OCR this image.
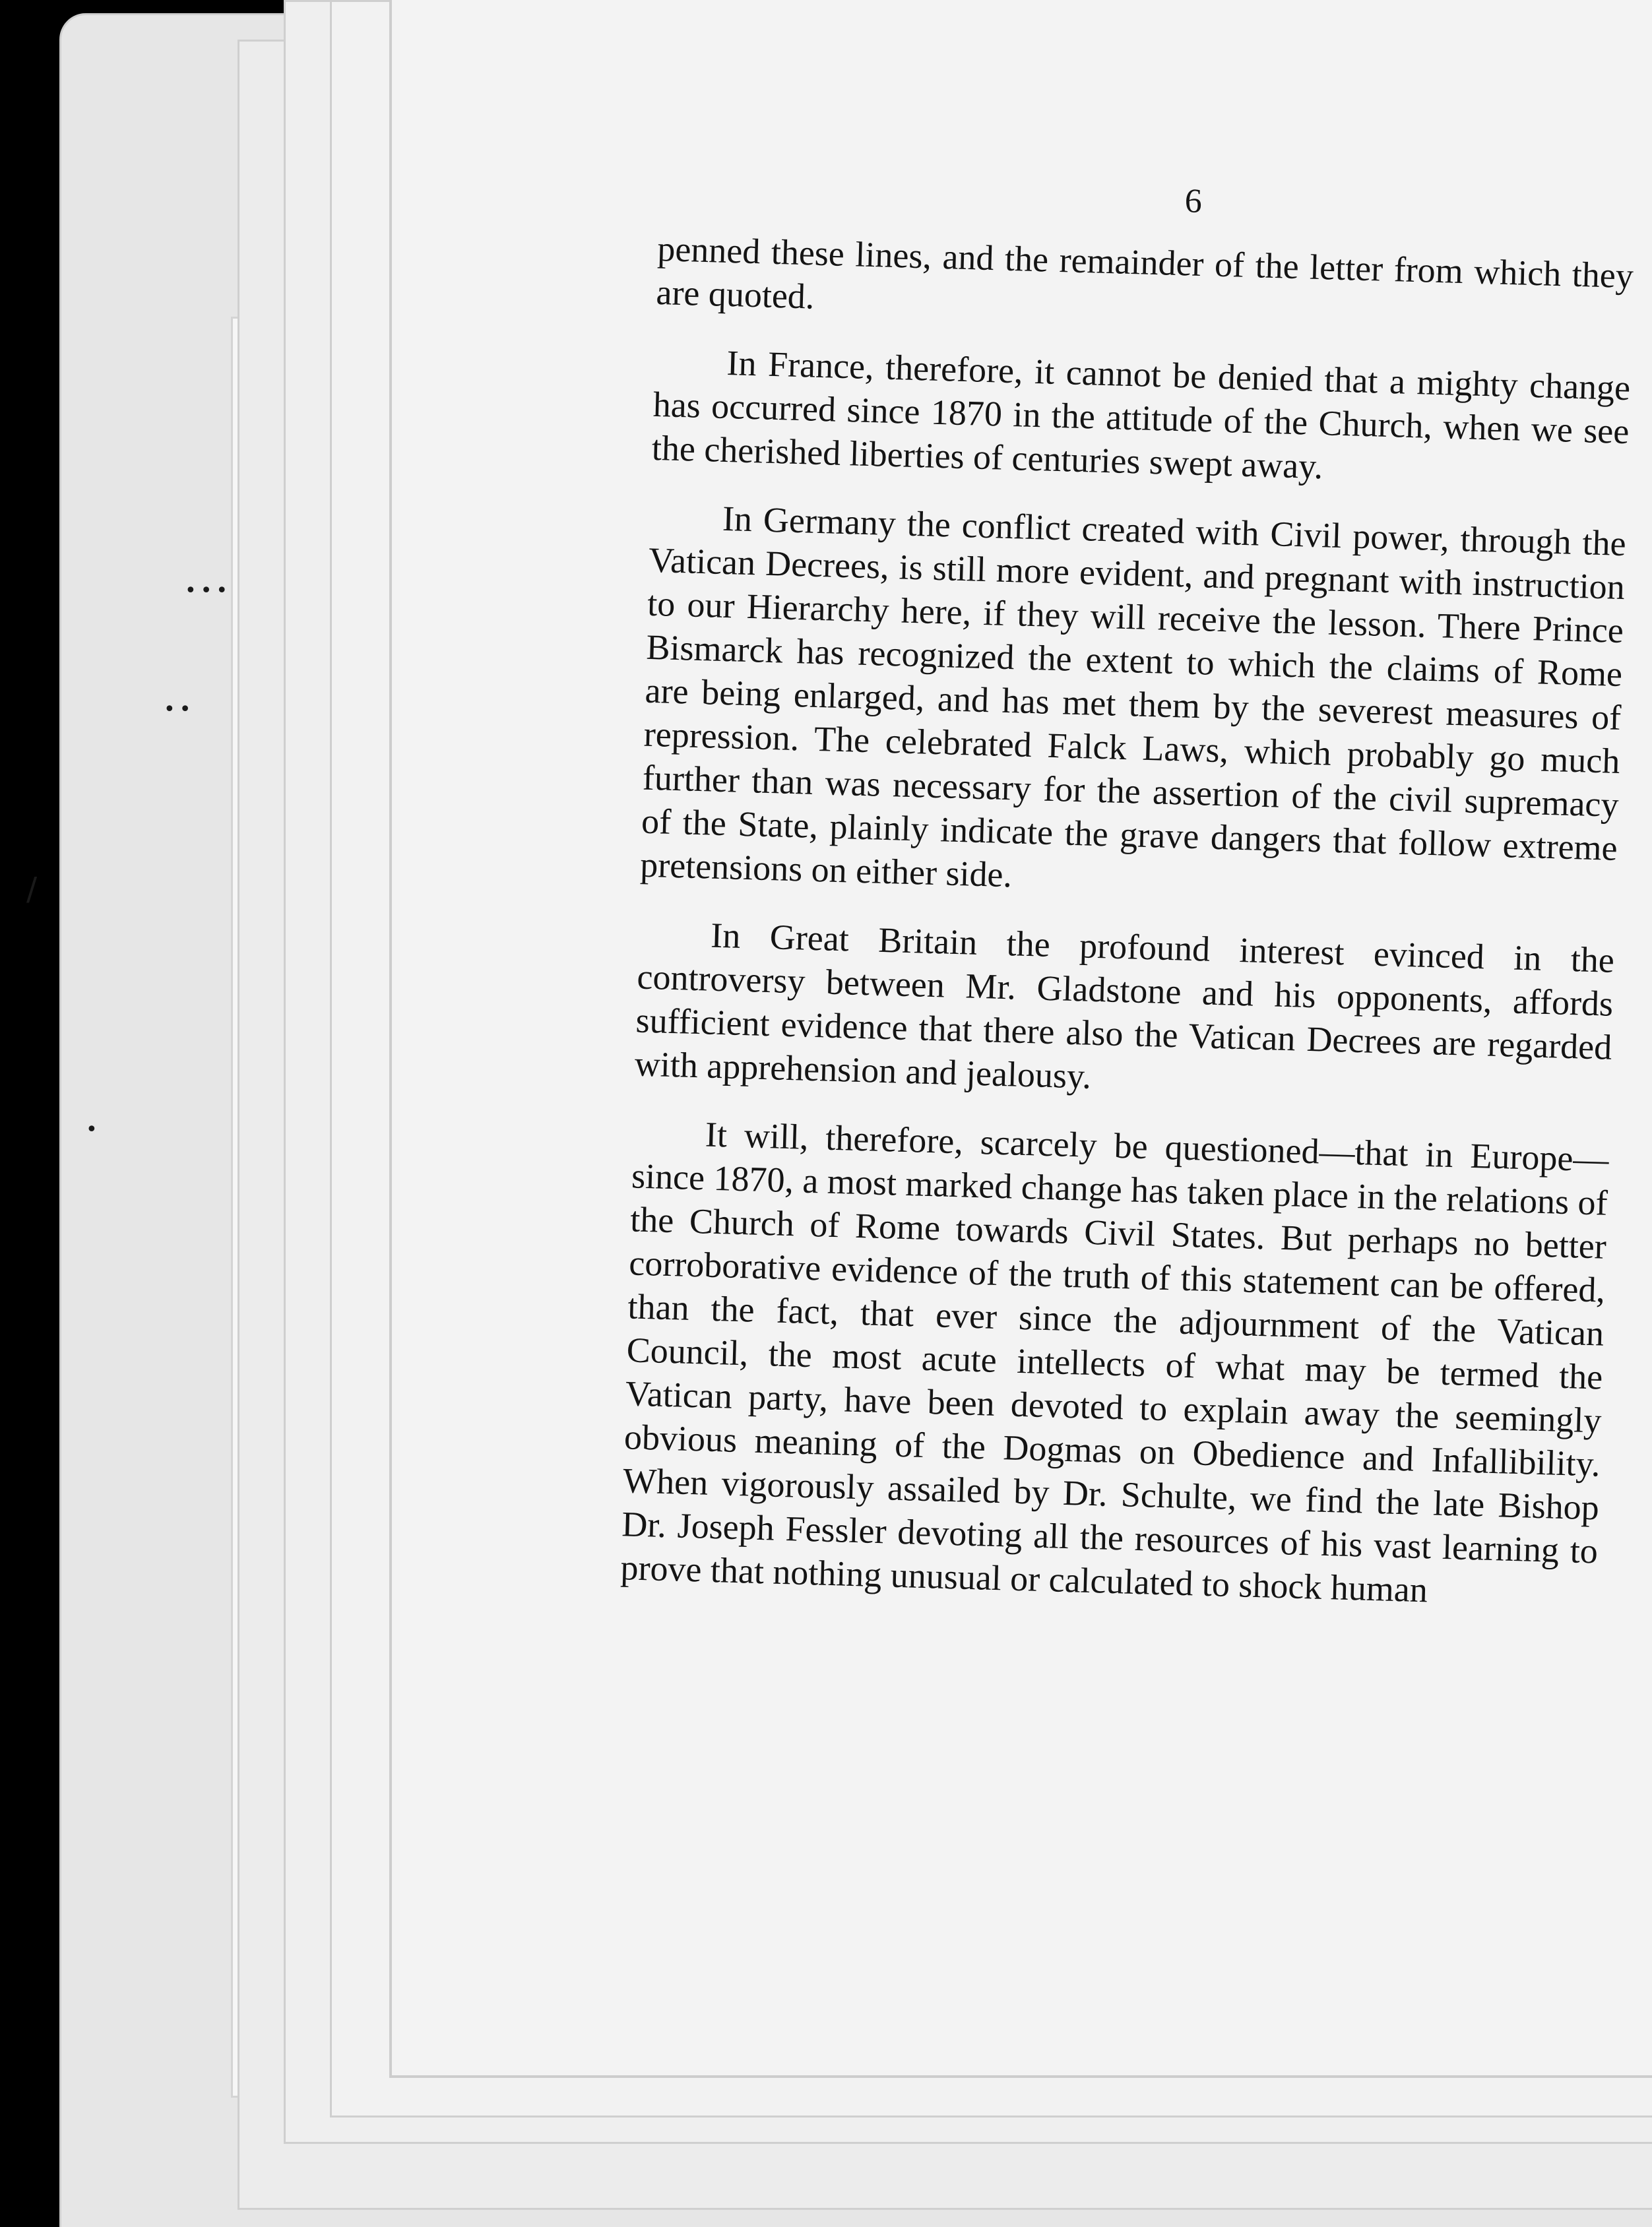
•••
••
/
•
6

penned these lines, and the remainder of the letter from which they are quoted.

In France, therefore, it cannot be denied that a mighty change has occurred since 1870 in the attitude of the Church, when we see the cherished liberties of centuries swept away.

In Germany the conflict created with Civil power, through the Vatican Decrees, is still more evident, and pregnant with instruction to our Hierarchy here, if they will receive the lesson. There Prince Bismarck has recognized the extent to which the claims of Rome are being enlarged, and has met them by the severest measures of repression. The celebrated Falck Laws, which probably go much further than was necessary for the assertion of the civil supremacy of the State, plainly indicate the grave dangers that follow extreme pretensions on either side.

In Great Britain the profound interest evinced in the controversy between Mr. Gladstone and his opponents, affords sufficient evidence that there also the Vatican Decrees are regarded with apprehension and jealousy.

It will, therefore, scarcely be questioned—that in Europe—since 1870, a most marked change has taken place in the relations of the Church of Rome towards Civil States. But perhaps no better corroborative evidence of the truth of this statement can be offered, than the fact, that ever since the adjournment of the Vatican Council, the most acute intellects of what may be termed the Vatican party, have been devoted to explain away the seemingly obvious meaning of the Dogmas on Obedience and Infallibility. When vigorously assailed by Dr. Schulte, we find the late Bishop Dr. Joseph Fessler devoting all the resources of his vast learning to prove that nothing unusual or calculated to shock human
